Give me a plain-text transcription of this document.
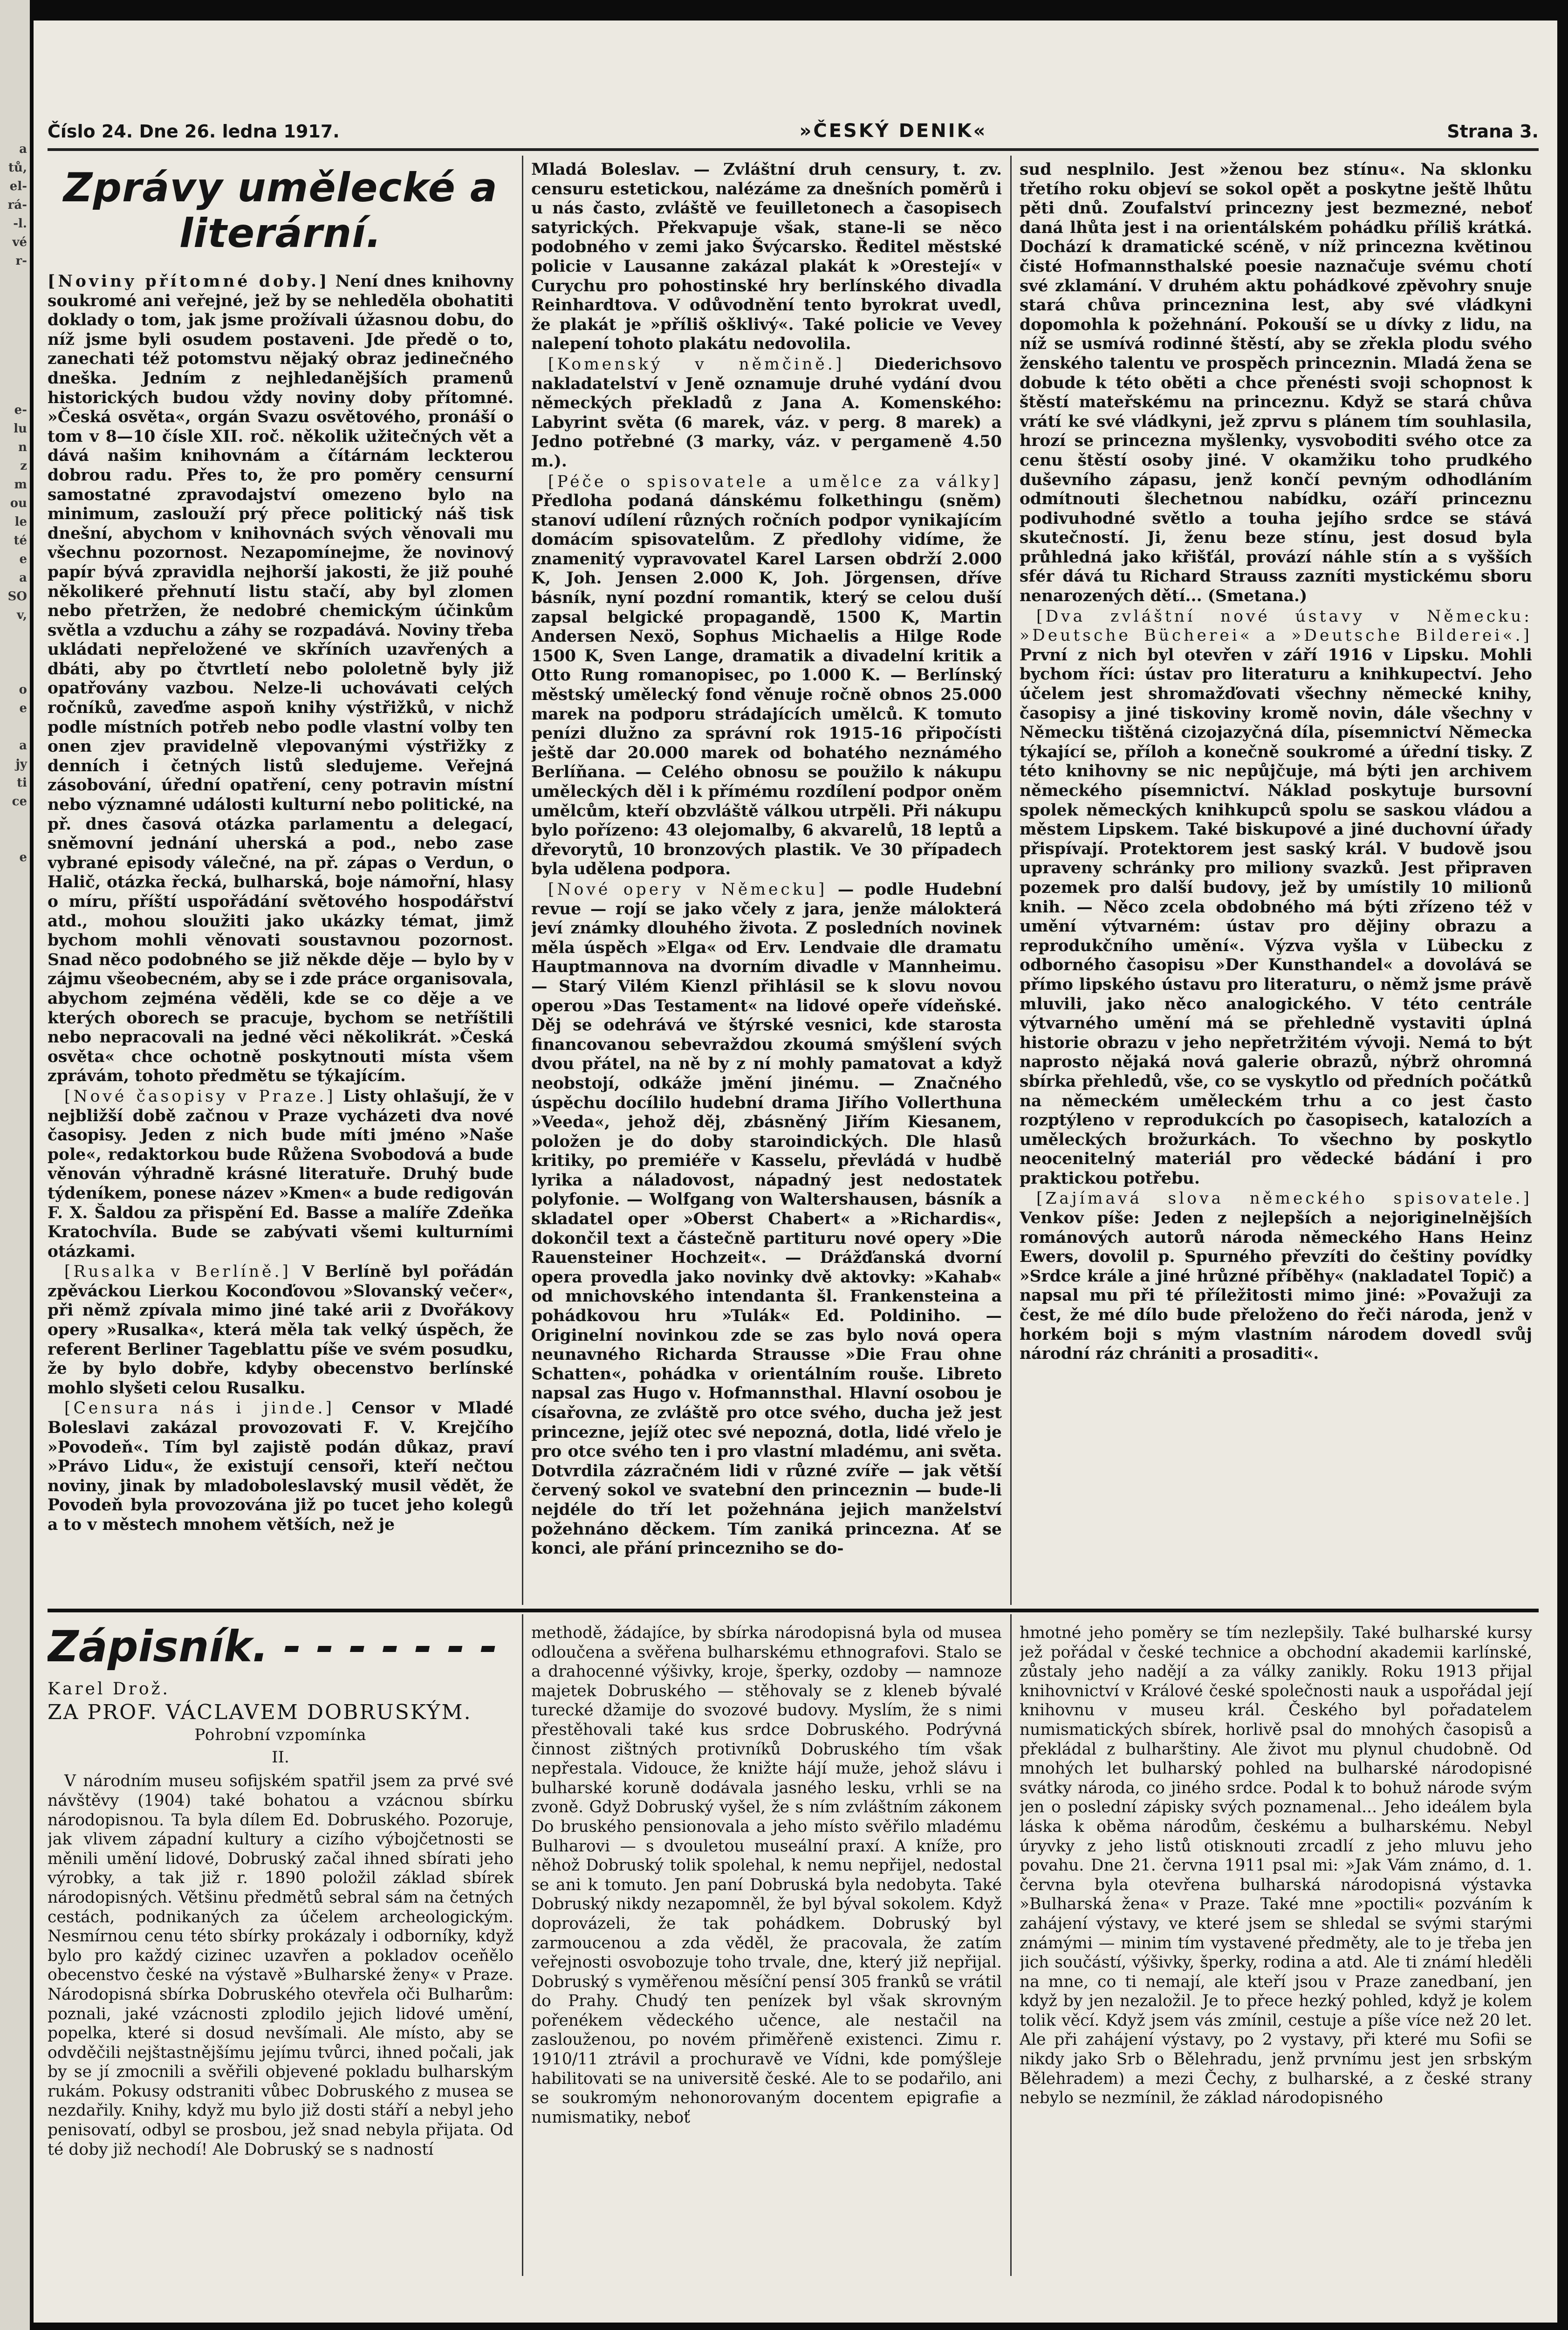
a
tů,
el-
rá-
-l.
vé
r-

e-
lu
n
z
m
ou
le
té
e
a
SO
v,

o
e

a
jy
ti
ce

e
Číslo 24. Dne 26. ledna 1917.	»ČESKÝ DENIK«	Strana 3.
Zprávy umělecké a literární.

[Noviny přítomné doby.] Není dnes knihovny soukromé ani veřejné, jež by se nehleděla obohatiti doklady o tom, jak jsme prožívali úžasnou dobu, do níž jsme byli osudem postaveni. Jde předě o to, zanechati též potomstvu nějaký obraz jedinečného dneška. Jedním z nejhledanějších pramenů historických budou vždy noviny doby přítomné. »Česká osvěta«, orgán Svazu osvětového, pronáší o tom v 8—10 čísle XII. roč. několik užitečných vět a dává našim knihovnám a čítárnám leckterou dobrou radu. Přes to, že pro poměry censurní samostatné zpravodajství omezeno bylo na minimum, zaslouží prý přece politický náš tisk dnešní, abychom v knihovnách svých věnovali mu všechnu pozornost. Nezapomínejme, že novinový papír bývá zpravidla nejhorší jakosti, že již pouhé několikeré přehnutí listu stačí, aby byl zlomen nebo přetržen, že nedobré chemickým účinkům světla a vzduchu a záhy se rozpadává. Noviny třeba ukládati nepřeložené ve skříních uzavřených a dbáti, aby po čtvrtletí nebo pololetně byly již opatřovány vazbou. Nelze-li uchovávati celých ročníků, zaveďme aspoň knihy výstřižků, v nichž podle místních potřeb nebo podle vlastní volby ten onen zjev pravidelně vlepovanými výstřižky z denních i četných listů sledujeme. Veřejná zásobování, úřední opatření, ceny potravin místní nebo významné události kulturní nebo politické, na př. dnes časová otázka parlamentu a delegací, sněmovní jednání uherská a pod., nebo zase vybrané episody válečné, na př. zápas o Verdun, o Halič, otázka řecká, bulharská, boje námořní, hlasy o míru, příští uspořádání světového hospodářství atd., mohou sloužiti jako ukázky témat, jimž bychom mohli věnovati soustavnou pozornost. Snad něco podobného se již někde děje — bylo by v zájmu všeobecném, aby se i zde práce organisovala, abychom zejména věděli, kde se co děje a ve kterých oborech se pracuje, bychom se netříštili nebo nepracovali na jedné věci několikrát. »Česká osvěta« chce ochotně poskytnouti místa všem zprávám, tohoto předmětu se týkajícím.

[Nové časopisy v Praze.] Listy ohlašují, že v nejbližší době začnou v Praze vycházeti dva nové časopisy. Jeden z nich bude míti jméno »Naše pole«, redaktorkou bude Růžena Svobodová a bude věnován výhradně krásné literatuře. Druhý bude týdeníkem, ponese název »Kmen« a bude redigován F. X. Šaldou za přispění Ed. Basse a malíře Zdeňka Kratochvíla. Bude se zabývati všemi kulturními otázkami.

[Rusalka v Berlíně.] V Berlíně byl pořádán zpěváckou Lierkou Koconďovou »Slovanský večer«, při němž zpívala mimo jiné také arii z Dvořákovy opery »Rusalka«, která měla tak velký úspěch, že referent Berliner Tageblattu píše ve svém posudku, že by bylo dobře, kdyby obecenstvo berlínské mohlo slyšeti celou Rusalku.

[Censura nás i jinde.] Censor v Mladé Boleslavi zakázal provozovati F. V. Krejčího »Povodeň«. Tím byl zajistě podán důkaz, praví »Právo Lidu«, že existují censoři, kteří nečtou noviny, jinak by mladoboleslavský musil vědět, že Povodeň byla provozována již po tucet jeho kolegů a to v městech mnohem větších, než je

Mladá Boleslav. — Zvláštní druh censury, t. zv. censuru estetickou, nalézáme za dnešních poměrů i u nás často, zvláště ve feuilletonech a časopisech satyrických. Překvapuje však, stane-li se něco podobného v zemi jako Švýcarsko. Ředitel městské policie v Lausanne zakázal plakát k »Orestejí« v Curychu pro pohostinské hry berlínského divadla Reinhardtova. V odůvodnění tento byrokrat uvedl, že plakát je »příliš ošklivý«. Také policie ve Vevey nalepení tohoto plakátu nedovolila.

[Komenský v němčině.] Diederichsovo nakladatelství v Jeně oznamuje druhé vydání dvou německých překladů z Jana A. Komenského: Labyrint světa (6 marek, váz. v perg. 8 marek) a Jedno potřebné (3 marky, váz. v pergameně 4.50 m.).

[Péče o spisovatele a umělce za války] Předloha podaná dánskému folkethingu (sněm) stanoví udílení různých ročních podpor vynikajícím domácím spisovatelům. Z předlohy vidíme, že znamenitý vypravovatel Karel Larsen obdrží 2.000 K, Joh. Jensen 2.000 K, Joh. Jörgensen, dříve básník, nyní pozdní romantik, který se celou duší zapsal belgické propagandě, 1500 K, Martin Andersen Nexö, Sophus Michaelis a Hilge Rode 1500 K, Sven Lange, dramatik a divadelní kritik a Otto Rung romanopisec, po 1.000 K. — Berlínský městský umělecký fond věnuje ročně obnos 25.000 marek na podporu strádajících umělců. K tomuto penízi dlužno za správní rok 1915-16 připočísti ještě dar 20.000 marek od bohatého neznámého Berlíňana. — Celého obnosu se použilo k nákupu uměleckých děl i k přímému rozdílení podpor oněm umělcům, kteří obzvláště válkou utrpěli. Při nákupu bylo pořízeno: 43 olejomalby, 6 akvarelů, 18 leptů a dřevorytů, 10 bronzových plastik. Ve 30 případech byla udělena podpora.

[Nové opery v Německu] — podle Hudební revue — rojí se jako včely z jara, jenže málokterá jeví známky dlouhého života. Z posledních novinek měla úspěch »Elga« od Erv. Lendvaie dle dramatu Hauptmannova na dvorním divadle v Mannheimu. — Starý Vilém Kienzl přihlásil se k slovu novou operou »Das Testament« na lidové opeře vídeňské. Děj se odehrává ve štýrské vesnici, kde starosta financovanou sebevraždou zkoumá smýšlení svých dvou přátel, na ně by z ní mohly pamatovat a když neobstojí, odkáže jmění jinému. — Značného úspěchu docílilo hudební drama Jiřího Vollerthuna »Veeda«, jehož děj, zbásněný Jiřím Kiesanem, položen je do doby staroindických. Dle hlasů kritiky, po premiéře v Kasselu, převládá v hudbě lyrika a náladovost, nápadný jest nedostatek polyfonie. — Wolfgang von Waltershausen, básník a skladatel oper »Oberst Chabert« a »Richardis«, dokončil text a částečně partituru nové opery »Die Rauensteiner Hochzeit«. — Drážďanská dvorní opera provedla jako novinky dvě aktovky: »Kahab« od mnichovského intendanta šl. Frankensteina a pohádkovou hru »Tulák« Ed. Poldiniho. — Originelní novinkou zde se zas bylo nová opera neunavného Richarda Strausse »Die Frau ohne Schatten«, pohádka v orientálním rouše. Libreto napsal zas Hugo v. Hofmannsthal. Hlavní osobou je císařovna, ze zvláště pro otce svého, ducha jež jest princezne, jejíž otec své nepozná, dotla, lidé vřelo je pro otce svého ten i pro vlastní mladému, ani světa. Dotvrdila zázračném lidi v různé zvíře — jak větší červený sokol ve svatební den princeznin — bude-li nejdéle do tří let požehnána jejich manželství požehnáno děckem. Tím zaniká princezna. Ať se konci, ale přání princezniho se do-

sud nesplnilo. Jest »ženou bez stínu«. Na sklonku třetího roku objeví se sokol opět a poskytne ještě lhůtu pěti dnů. Zoufalství princezny jest bezmezné, neboť daná lhůta jest i na orientálském pohádku příliš krátká. Dochází k dramatické scéně, v níž princezna květinou čisté Hofmannsthalské poesie naznačuje svému chotí své zklamání. V druhém aktu pohádkové zpěvohry snuje stará chůva princeznina lest, aby své vládkyni dopomohla k požehnání. Pokouší se u dívky z lidu, na níž se usmívá rodinné štěstí, aby se zřekla plodu svého ženského talentu ve prospěch princeznin. Mladá žena se dobude k této oběti a chce přenésti svoji schopnost k štěstí mateřskému na princeznu. Když se stará chůva vrátí ke své vládkyni, jež zprvu s plánem tím souhlasila, hrozí se princezna myšlenky, vysvoboditi svého otce za cenu štěstí osoby jiné. V okamžiku toho prudkého duševního zápasu, jenž končí pevným odhodláním odmítnouti šlechetnou nabídku, ozáří princeznu podivuhodné světlo a touha jejího srdce se stává skutečností. Ji, ženu beze stínu, jest dosud byla průhledná jako křišťál, provází náhle stín a s vyšších sfér dává tu Richard Strauss zazníti mystickému sboru nenarozených dětí... (Smetana.)

[Dva zvláštní nové ústavy v Německu: »Deutsche Bücherei« a »Deutsche Bilderei«.] První z nich byl otevřen v září 1916 v Lipsku. Mohli bychom říci: ústav pro literaturu a knihkupectví. Jeho účelem jest shromažďovati všechny německé knihy, časopisy a jiné tiskoviny kromě novin, dále všechny v Německu tištěná cizojazyčná díla, písemnictví Německa týkající se, příloh a konečně soukromé a úřední tisky. Z této knihovny se nic nepůjčuje, má býti jen archivem německého písemnictví. Náklad poskytuje bursovní spolek německých knihkupců spolu se saskou vládou a městem Lipskem. Také biskupové a jiné duchovní úřady přispívají. Protektorem jest saský král. V budově jsou upraveny schránky pro miliony svazků. Jest připraven pozemek pro další budovy, jež by umístily 10 milionů knih. — Něco zcela obdobného má býti zřízeno též v umění výtvarném: ústav pro dějiny obrazu a reprodukčního umění«. Výzva vyšla v Lübecku z odborného časopisu »Der Kunsthandel« a dovolává se přímo lipského ústavu pro literaturu, o němž jsme právě mluvili, jako něco analogického. V této centrále výtvarného umění má se přehledně vystaviti úplná historie obrazu v jeho nepřetržitém vývoji. Nemá to být naprosto nějaká nová galerie obrazů, nýbrž ohromná sbírka přehledů, vše, co se vyskytlo od předních počátků na německém uměleckém trhu a co jest často rozptýleno v reprodukcích po časopisech, katalozích a uměleckých brožurkách. To všechno by poskytlo neocenitelný materiál pro vědecké bádání i pro praktickou potřebu.

[Zajímavá slova německého spisovatele.] Venkov píše: Jeden z nejlepších a nejoriginelnějších románových autorů národa německého Hans Heinz Ewers, dovolil p. Spurného převzíti do češtiny povídky »Srdce krále a jiné hrůzné příběhy« (nakladatel Topič) a napsal mu při té příležitosti mimo jiné: »Považuji za čest, že mé dílo bude přeloženo do řeči národa, jenž v horkém boji s mým vlastním národem dovedl svůj národní ráz chrániti a prosaditi«.

Zápisník. - - - - - - -
Karel Drož.
ZA PROF. VÁCLAVEM DOBRUSKÝM.
Pohrobní vzpomínka
II.

V národním museu sofijském spatřil jsem za prvé své návštěvy (1904) také bohatou a vzácnou sbírku národopisnou. Ta byla dílem Ed. Dobruského. Pozoruje, jak vlivem západní kultury a cizího výbojčetnosti se měnili umění lidové, Dobruský začal ihned sbírati jeho výrobky, a tak již r. 1890 položil základ sbírek národopisných. Většinu předmětů sebral sám na četných cestách, podnikaných za účelem archeologickým. Nesmírnou cenu této sbírky prokázaly i odborníky, když bylo pro každý cizinec uzavřen a pokladov oceňělo obecenstvo české na výstavě »Bulharské ženy« v Praze. Národopisná sbírka Dobruského otevřela oči Bulharům: poznali, jaké vzácnosti zplodilo jejich lidové umění, popelka, které si dosud nevšímali. Ale místo, aby se odvděčili nejštastnějšímu jejímu tvůrci, ihned počali, jak by se jí zmocnili a svěřili objevené pokladu bulharským rukám. Pokusy odstraniti vůbec Dobruského z musea se nezdařily. Knihy, když mu bylo již dosti stáří a nebyl jeho penisovatí, odbyl se prosbou, jež snad nebyla přijata. Od té doby již nechodí! Ale Dobruský se s nadností

methodě, žádajíce, by sbírka národopisná byla od musea odloučena a svěřena bulharskému ethnografovi. Stalo se a drahocenné výšivky, kroje, šperky, ozdoby — namnoze majetek Dobruského — stěhovaly se z kleneb bývalé turecké džamije do svozové budovy. Myslím, že s nimi přestěhovali také kus srdce Dobruského. Podrývná činnost zištných protivníků Dobruského tím však nepřestala. Vidouce, že knižte hájí muže, jehož slávu i bulharské koruně dodávala jasného lesku, vrhli se na zvoně. Gdyž Dobruský vyšel, že s ním zvláštním zákonem Do bruského pensionovala a jeho místo svěřilo mladému Bulharovi — s dvouletou museální praxí. A kníže, pro něhož Dobruský tolik spolehal, k nemu nepřijel, nedostal se ani k tomuto. Jen paní Dobruská byla nedobyta. Také Dobruský nikdy nezapomněl, že byl býval sokolem. Když doprovázeli, že tak pohádkem. Dobruský byl zarmoucenou a zda věděl, že pracovala, že zatím veřejnosti osvobozuje toho trvale, dne, který již nepřijal. Dobruský s vyměřenou měsíční pensí 305 franků se vrátil do Prahy. Chudý ten penízek byl však skrovným pořenékem vědeckého učence, ale nestačil na zaslouženou, po novém přiměřeně existenci. Zimu r. 1910/11 ztrávil a prochuravě ve Vídni, kde pomýšleje habilitovati se na universitě české. Ale to se podařilo, ani se soukromým nehonorovaným docentem epigrafie a numismatiky, neboť

hmotné jeho poměry se tím nezlepšily. Také bulharské kursy jež pořádal v české technice a obchodní akademii karlínské, zůstaly jeho nadějí a za války zanikly. Roku 1913 přijal knihovnictví v Králové české společnosti nauk a uspořádal její knihovnu v museu král. Českého byl pořadatelem numismatických sbírek, horlivě psal do mnohých časopisů a překládal z bulharštiny. Ale život mu plynul chudobně. Od mnohých let bulharský pohled na bulharské národopisné svátky národa, co jiného srdce. Podal k to bohuž národe svým jen o poslední zápisky svých poznamenal... Jeho ideálem byla láska k oběma národům, českému a bulharskému. Nebyl úryvky z jeho listů otisknouti zrcadlí z jeho mluvu jeho povahu. Dne 21. června 1911 psal mi: »Jak Vám známo, d. 1. června byla otevřena bulharská národopisná výstavka »Bulharská žena« v Praze. Také mne »poctili« pozváním k zahájení výstavy, ve které jsem se shledal se svými starými známými — minim tím vystavené předměty, ale to je třeba jen jich součástí, výšivky, šperky, rodina a atd. Ale ti známí hleděli na mne, co ti nemají, ale kteří jsou v Praze zanedbaní, jen když by jen nezaložil. Je to přece hezký pohled, když je kolem tolik věcí. Když jsem vás zmínil, cestuje a píše více než 20 let. Ale při zahájení výstavy, po 2 vystavy, při které mu Sofii se nikdy jako Srb o Bělehradu, jenž prvnímu jest jen srbským Bělehradem) a mezi Čechy, z bulharské, a z české strany nebylo se nezmínil, že základ národopisného
